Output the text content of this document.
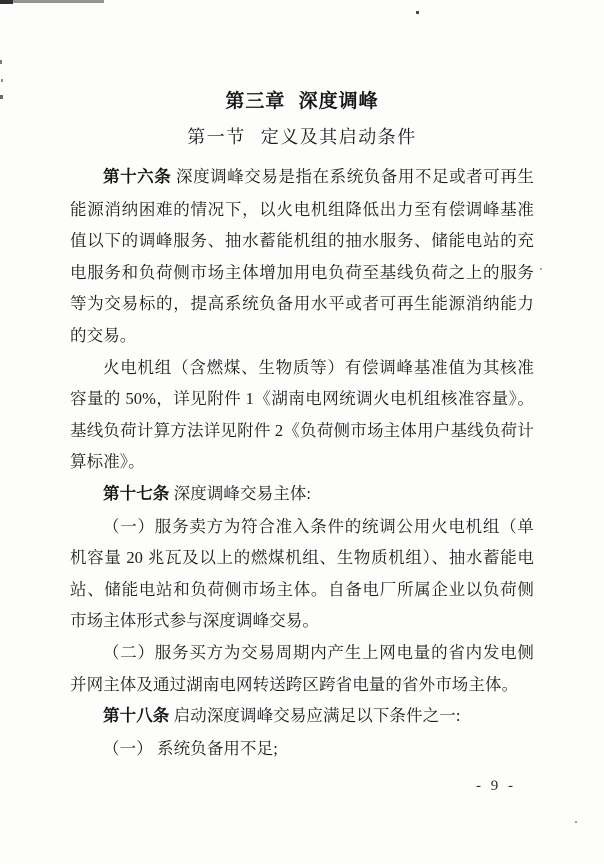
第三章 深度调峰
第一节 定义及其启动条件

第十六条 深度调峰交易是指在系统负备用不足或者可再生能源消纳困难的情况下，以火电机组降低出力至有偿调峰基准值以下的调峰服务、抽水蓄能机组的抽水服务、储能电站的充电服务和负荷侧市场主体增加用电负荷至基线负荷之上的服务等为交易标的，提高系统负备用水平或者可再生能源消纳能力的交易。

火电机组（含燃煤、生物质等）有偿调峰基准值为其核准容量的 50%，详见附件 1《湖南电网统调火电机组核准容量》。基线负荷计算方法详见附件 2《负荷侧市场主体用户基线负荷计算标准》。

第十七条 深度调峰交易主体:

（一）服务卖方为符合准入条件的统调公用火电机组（单机容量 20 兆瓦及以上的燃煤机组、生物质机组）、抽水蓄能电站、储能电站和负荷侧市场主体。自备电厂所属企业以负荷侧市场主体形式参与深度调峰交易。

（二）服务买方为交易周期内产生上网电量的省内发电侧并网主体及通过湖南电网转送跨区跨省电量的省外市场主体。

第十八条 启动深度调峰交易应满足以下条件之一:

（一） 系统负备用不足;

- 9 -
